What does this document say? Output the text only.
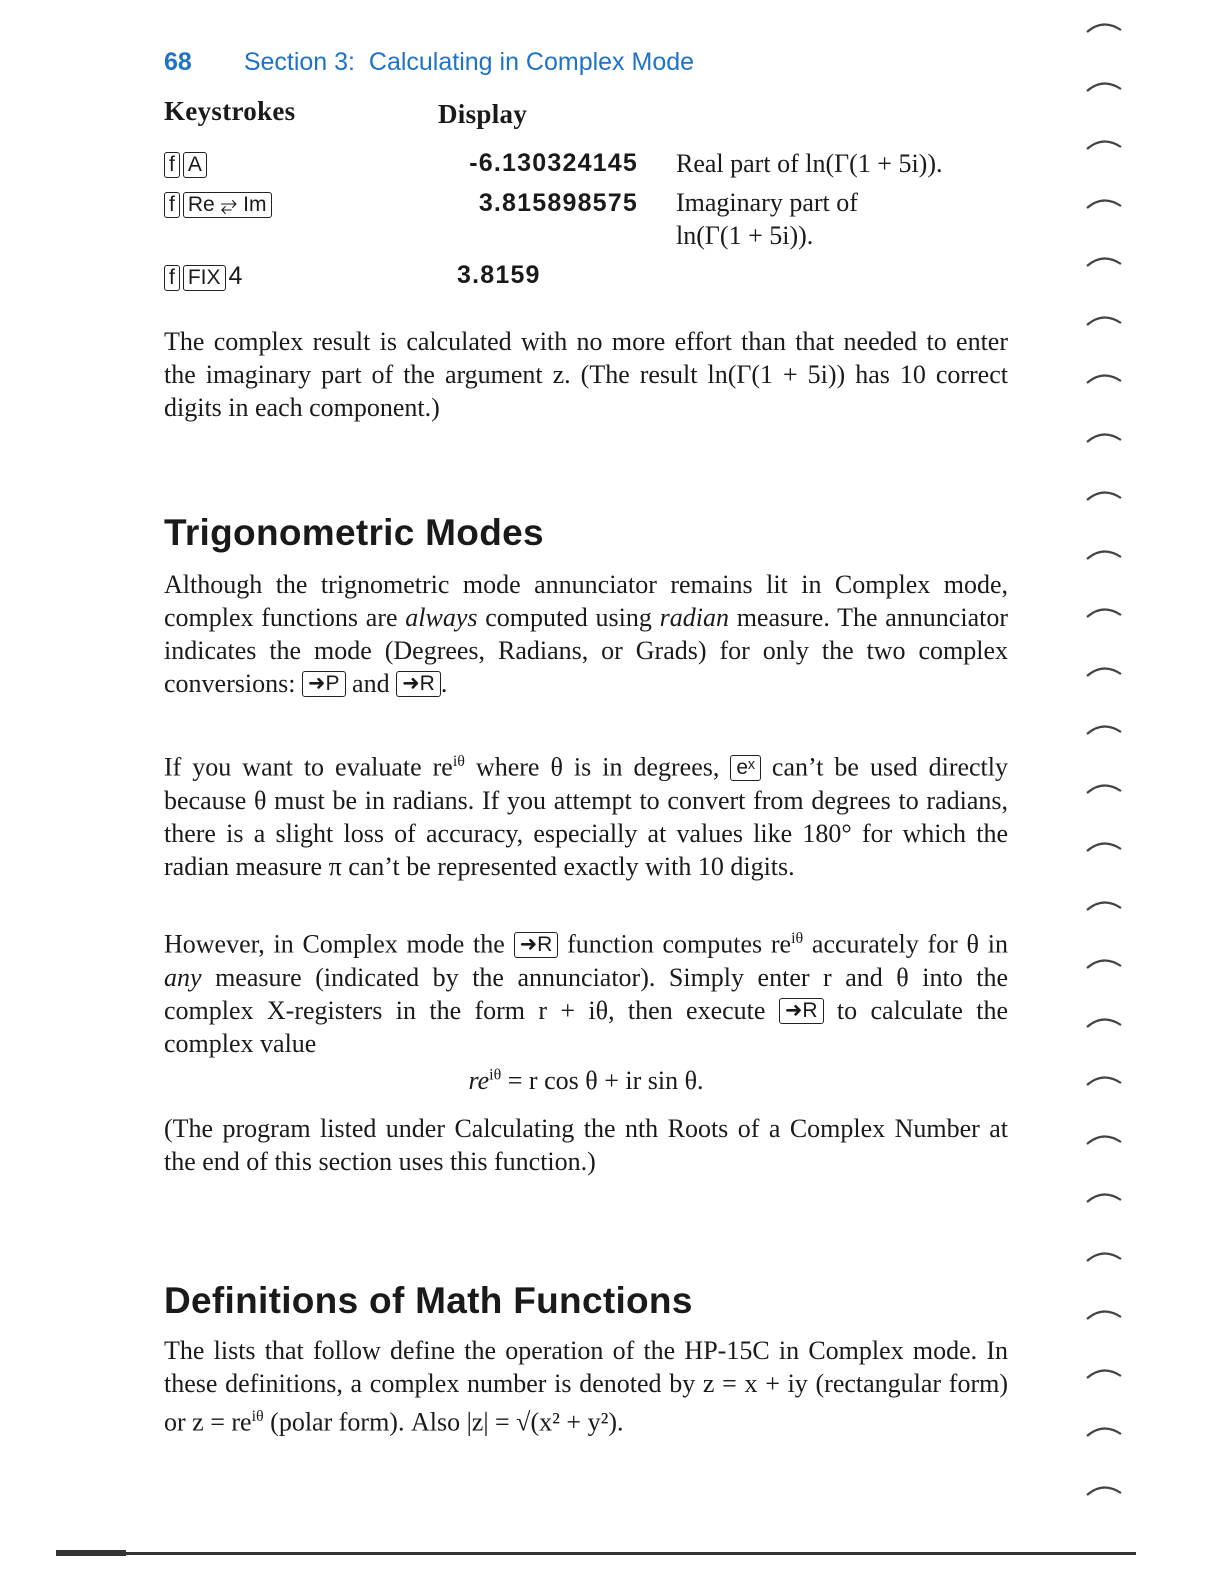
68 Section 3:  Calculating in Complex Mode
Keystrokes	Display
f A	-6.130324145 Real part of ln(Γ(1 + 5i)).
f Re ⥂ Im	3.815898575 Imaginary part of ln(Γ(1 + 5i)).
f FIX 4	3.8159

The complex result is calculated with no more effort than that needed to enter the imaginary part of the argument z. (The result ln(Γ(1 + 5i)) has 10 correct digits in each component.)

Trigonometric Modes

Although the trignometric mode annunciator remains lit in Complex mode, complex functions are always computed using radian measure. The annunciator indicates the mode (Degrees, Radians, or Grads) for only the two complex conversions: ➜P and ➜R .

If you want to evaluate $re^{i\theta}$ where θ is in degrees, eˣ can’t be used directly because θ must be in radians. If you attempt to convert from degrees to radians, there is a slight loss of accuracy, especially at values like 180° for which the radian measure π can’t be represented exactly with 10 digits.

However, in Complex mode the ➜R function computes $re^{i\theta}$ accurately for θ in any measure (indicated by the annunciator). Simply enter r and θ into the complex X-registers in the form r + iθ, then execute ➜R to calculate the complex value

$re^{i\theta} = r$ cos θ + ir sin θ.

(The program listed under Calculating the nth Roots of a Complex Number at the end of this section uses this function.)

Definitions of Math Functions

The lists that follow define the operation of the HP-15C in Complex mode. In these definitions, a complex number is denoted by z = x + iy (rectangular form) or $z = re^{i\theta}$ (polar form). Also |z| = √(x² + y²).
